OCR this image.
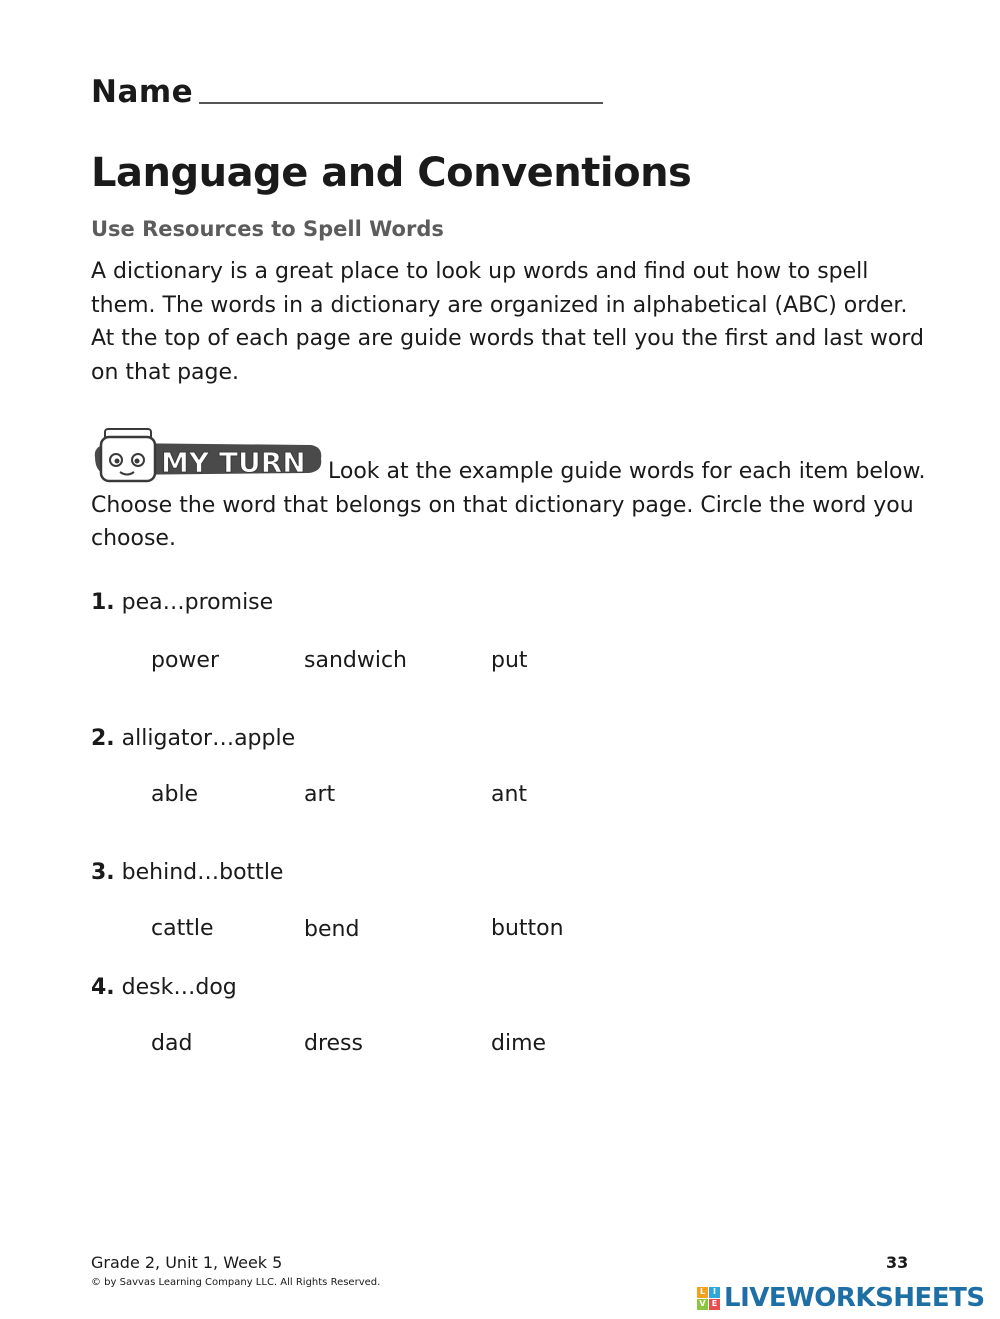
Name
Language and Conventions
Use Resources to Spell Words
A dictionary is a great place to look up words and find out how to spell them. The words in a dictionary are organized in alphabetical (ABC) order. At the top of each page are guide words that tell you the first and last word on that page.
MY TURN	Look at the example guide words for each item below. Choose the word that belongs on that dictionary page. Circle the word you choose.
1. pea…promise
power	sandwich	put
2. alligator…apple
able	art	ant
3. behind…bottle
cattle	bend	button
4. desk…dog
dad	dress	dime
Grade 2, Unit 1, Week 5
© by Savvas Learning Company LLC. All Rights Reserved.
33
L I
V E LIVEWORKSHEETS
